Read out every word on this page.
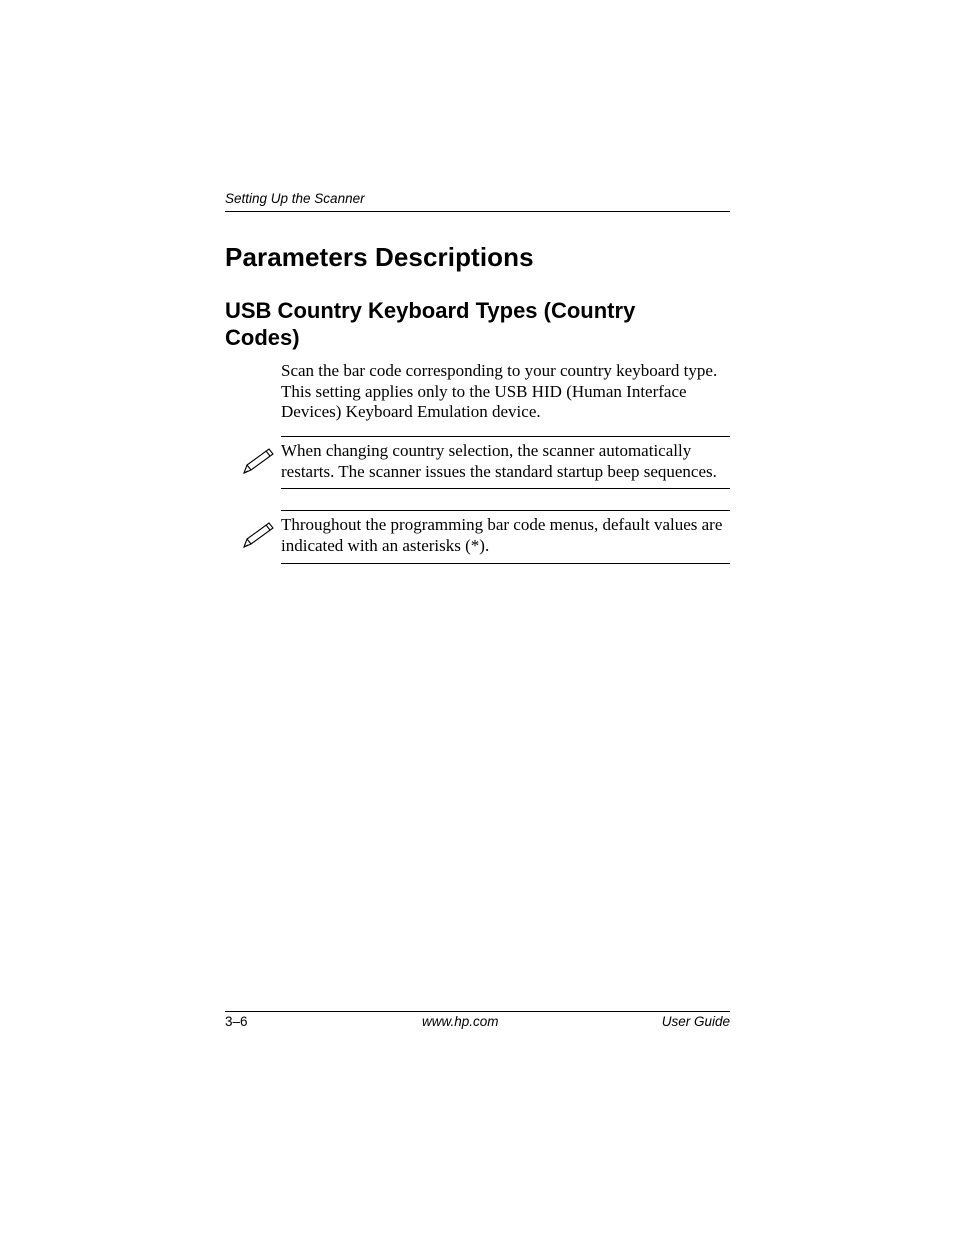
Setting Up the Scanner
Parameters Descriptions
USB Country Keyboard Types (Country Codes)

Scan the bar code corresponding to your country keyboard type. This setting applies only to the USB HID (Human Interface Devices) Keyboard Emulation device.

When changing country selection, the scanner automatically restarts. The scanner issues the standard startup beep sequences.

Throughout the programming bar code menus, default values are indicated with an asterisks (*).

3–6	www.hp.com	User Guide
